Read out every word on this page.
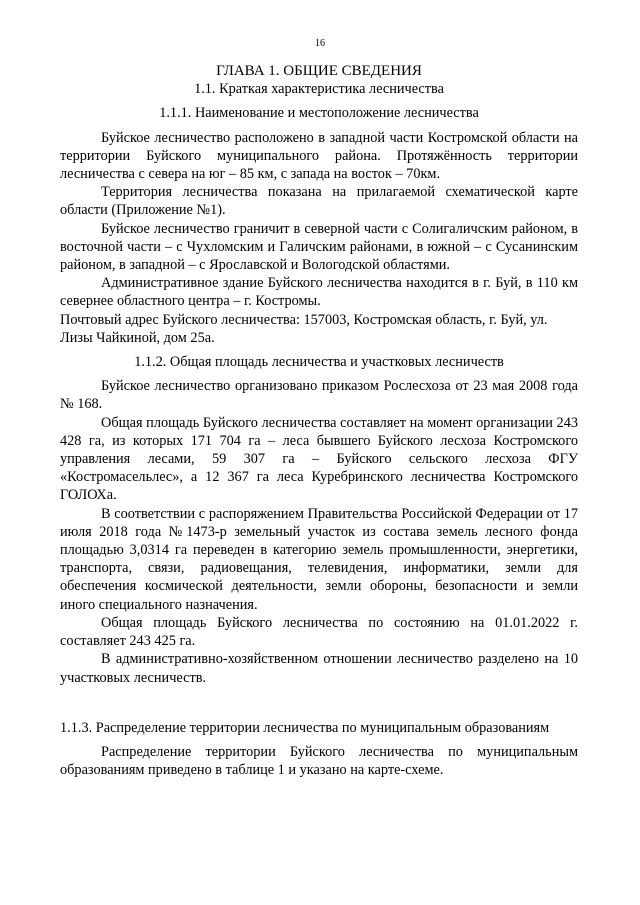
16

ГЛАВА 1. ОБЩИЕ СВЕДЕНИЯ

1.1. Краткая характеристика лесничества

1.1.1. Наименование и местоположение лесничества

Буйское лесничество расположено в западной части Костромской области на территории Буйского муниципального района. Протяжённость территории лесничества с севера на юг – 85 км, с запада на восток – 70км.

Территория лесничества показана на прилагаемой схематической карте области (Приложение №1).

Буйское лесничество граничит в северной части с Солигаличским районом, в восточной части – с Чухломским и Галичским районами, в южной – с Сусанинским районом, в западной – с Ярославской и Вологодской областями.

Административное здание Буйского лесничества находится в г. Буй, в 110 км севернее областного центра – г. Костромы.

Почтовый адрес Буйского лесничества: 157003, Костромская область, г. Буй, ул. Лизы Чайкиной, дом 25а.

1.1.2. Общая площадь лесничества и участковых лесничеств

Буйское лесничество организовано приказом Рослесхоза от 23 мая 2008 года № 168.

Общая площадь Буйского лесничества составляет на момент организации 243 428 га, из которых 171 704 га – леса бывшего Буйского лесхоза Костромского управления лесами, 59 307 га – Буйского сельского лесхоза ФГУ «Костромасельлес», а 12 367 га леса Куребринского лесничества Костромского ГОЛОХа.

В соответствии с распоряжением Правительства Российской Федерации от 17 июля 2018 года №1473-р земельный участок из состава земель лесного фонда площадью 3,0314 га переведен в категорию земель промышленности, энергетики, транспорта, связи, радиовещания, телевидения, информатики, земли для обеспечения космической деятельности, земли обороны, безопасности и земли иного специального назначения.

Общая площадь Буйского лесничества по состоянию на 01.01.2022 г. составляет 243 425 га.

В административно-хозяйственном отношении лесничество разделено на 10 участковых лесничеств.

1.1.3. Распределение территории лесничества по муниципальным образованиям

Распределение территории Буйского лесничества по муниципальным образованиям приведено в таблице 1 и указано на карте-схеме.
